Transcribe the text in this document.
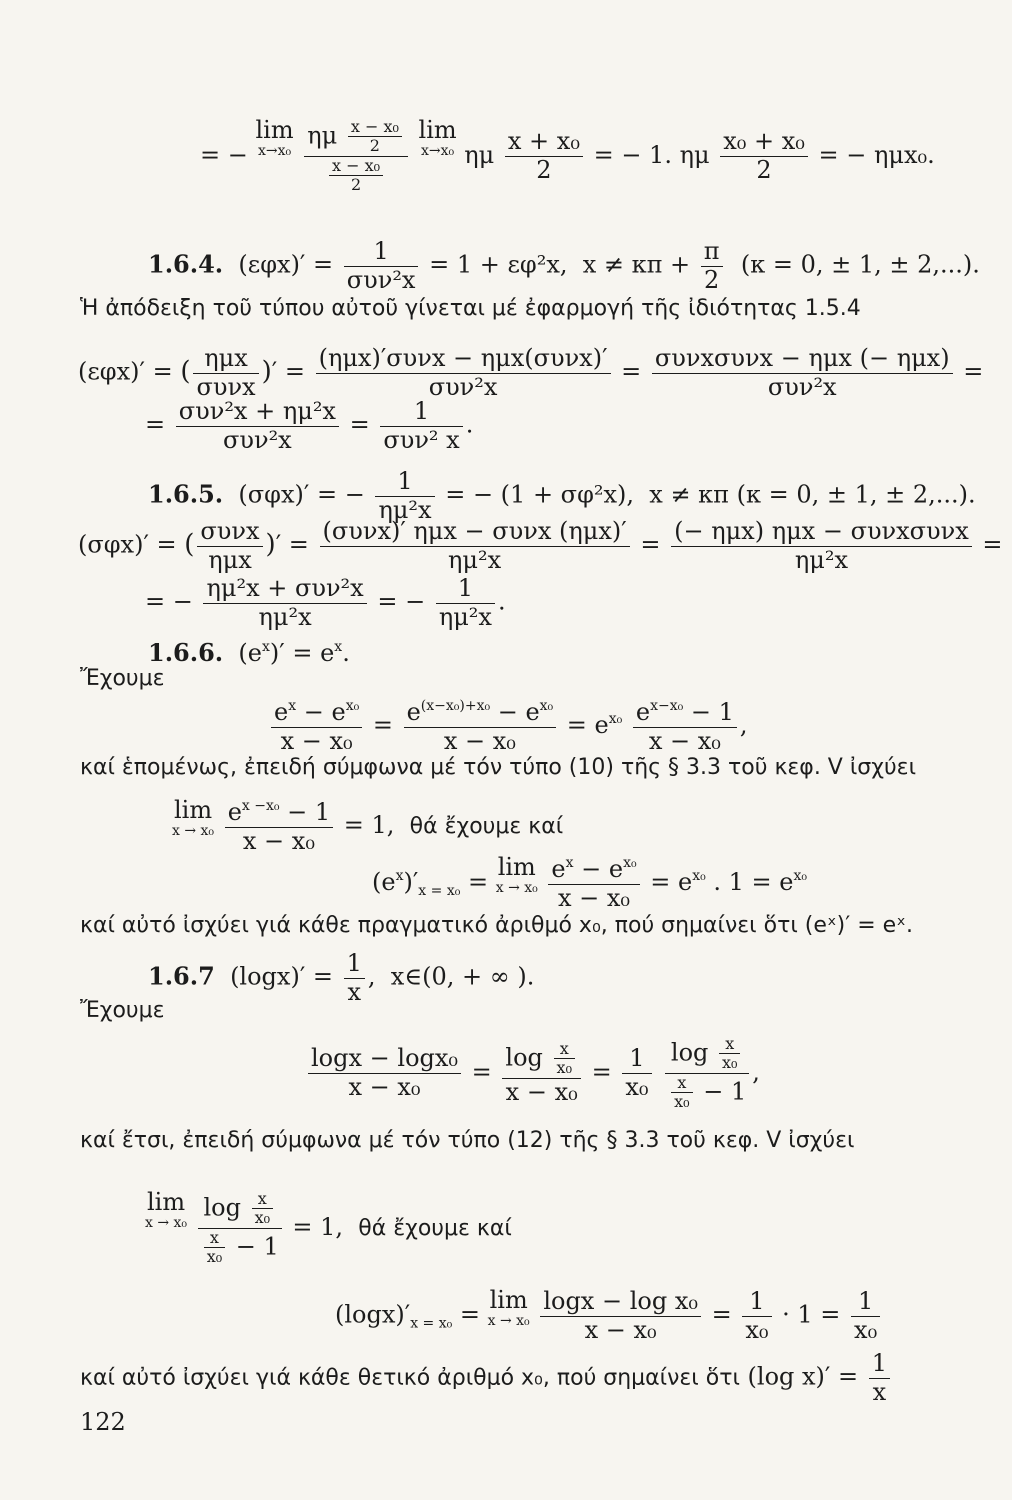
= − lim
x→x₀
$\frac{\eta\mu \frac{\text{x − x₀}}{2}}{\frac{\text{x − x₀}}{2}}$ lim
x→x₀ ημ $\frac{\text{x + x₀}}{2}$ = − 1. ημ $\frac{\text{x₀ + x₀}}{2}$ = − ημx₀.
1.6.4.  $(\varepsilon\varphi x)' = \frac{1}{\text{συν²x}} = 1 + \varepsilon\varphi^2x$,  $x \ne \kappa\pi + \frac{\pi}{2} (\kappa = 0$, ± 1, ± 2,...).
Ἡ ἀπόδειξη τοῦ τύπου αὐτοῦ γίνεται μέ ἐφαρμογή τῆς ἰδιότητας 1.5.4
(εφx)′ = ( $\frac{\text{ημx}}{\text{συνx}}$ )′ = $\frac{\text{(ημx)′συνx − ημx(συνx)′}}{\text{συν²x}} = \frac{\text{συνxσυνx − ημx (− ημx)}}{\text{συν²x}}$ =
= $\frac{\text{συν²x + ημ²x}}{\text{συν²x}} = \frac{1}{\text{συν² x}}$ .
1.6.5.  (σφx)′ = − $\frac{1}{\text{ημ²x}}$ = − (1 + σφ²x),  x ≠ κπ (κ = 0, ± 1, ± 2,...).
(σφx)′ = ( $\frac{\text{συνx}}{\text{ημx}}$ )′ = $\frac{\text{(συνx)′ ημx − συνx (ημx)′}}{\text{ημ²x}} = \frac{\text{(− ημx) ημx − συνxσυνx}}{\text{ημ²x}}$ =
= − $\frac{\text{ημ²x + συν²x}}{\text{ημ²x}}$ = − $\frac{1}{\text{ημ²x}}$ .
1.6.6.  $(e^x)' = e^x$.
Ἔχουμε
$\frac{e^x - e^{x_0}}{\text{x − x₀}} = \frac{e^{(x-x_0)+x_0} - e^{x_0}}{\text{x − x₀}} = e^{x_0} \frac{e^{x-x_0} - 1}{\text{x − x₀}}$ ,
καί ἑπομένως, ἐπειδή σύμφωνα μέ τόν τύπο (10) τῆς § 3.3 τοῦ κεφ. V ἰσχύει
lim
x → x₀
$\frac{e^{x -x_0} - 1}{\text{x − x₀}} = 1$,  θά ἔχουμε καί
$(e^x)'_{x = x_0} = \lim$
x → x₀
$\frac{e^x - e^{x_0}}{\text{x − x₀}} = e^{x_0}$ . $1 = e^{x_0}$
καί αὐτό ἰσχύει γιά κάθε πραγματικό ἀριθμό x₀, πού σημαίνει ὅτι (eˣ)′ = eˣ.
1.6.7  $(\log x)' = \frac{1}{x}$ ,  x∈(0, + ∞ ).
Ἔχουμε
$\frac{\text{logx − logx₀}}{\text{x − x₀}} = \frac{\log \frac{x}{\text{x₀}}}{\text{x − x₀}} = \frac{1}{\text{x₀}}$
$\frac{\log \frac{x}{\text{x₀}}}{\frac{x}{\text{x₀}} - 1}$ ,
καί ἔτσι, ἐπειδή σύμφωνα μέ τόν τύπο (12) τῆς § 3.3 τοῦ κεφ. V ἰσχύει
lim
x → x₀
$\frac{\log \frac{x}{\text{x₀}}}{\frac{x}{\text{x₀}} - 1} = 1$,  θά ἔχουμε καί
$(\log x)'_{x = x_0} = \lim$
x → x₀
$\frac{\text{logx − log x₀}}{\text{x − x₀}} = \frac{1}{\text{x₀}} \cdot 1 = \frac{1}{\text{x₀}}$
καί αὐτό ἰσχύει γιά κάθε θετικό ἀριθμό x₀, πού σημαίνει ὅτι (log $x)' = \frac{1}{x}$
122
